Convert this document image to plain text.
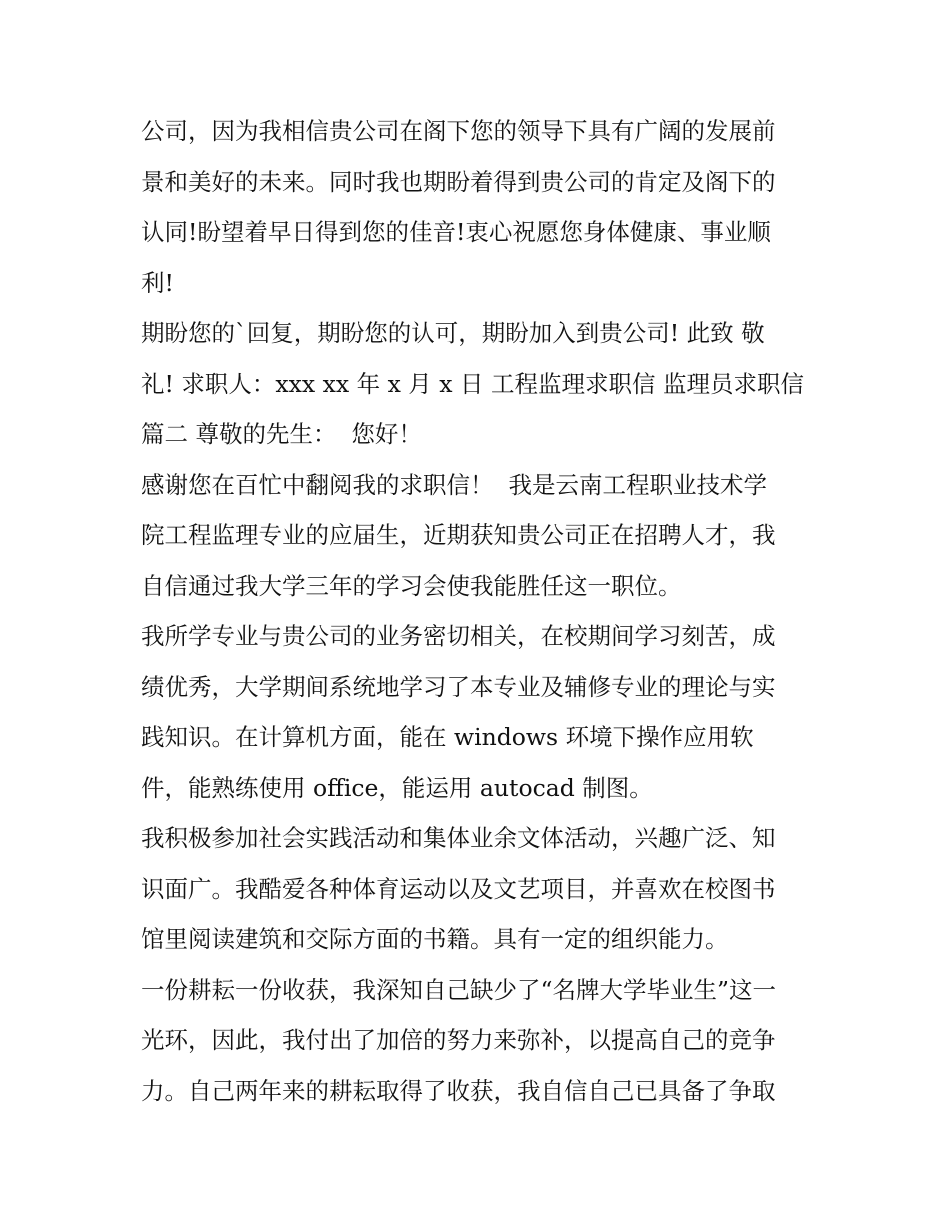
公司，因为我相信贵公司在阁下您的领导下具有广阔的发展前
景和美好的未来。同时我也期盼着得到贵公司的肯定及阁下的
认同!盼望着早日得到您的佳音!衷心祝愿您身体健康、事业顺
利!
期盼您的`回复，期盼您的认可，期盼加入到贵公司! 此致 敬
礼! 求职人：xxx xx 年 x 月 x 日 工程监理求职信 监理员求职信
篇二 尊敬的先生：  您好！
感谢您在百忙中翻阅我的求职信！  我是云南工程职业技术学
院工程监理专业的应届生，近期获知贵公司正在招聘人才，我
自信通过我大学三年的学习会使我能胜任这一职位。
我所学专业与贵公司的业务密切相关，在校期间学习刻苦，成
绩优秀，大学期间系统地学习了本专业及辅修专业的理论与实
践知识。在计算机方面，能在 windows 环境下操作应用软
件，能熟练使用 office，能运用 autocad 制图。
我积极参加社会实践活动和集体业余文体活动，兴趣广泛、知
识面广。我酷爱各种体育运动以及文艺项目，并喜欢在校图书
馆里阅读建筑和交际方面的书籍。具有一定的组织能力。
一份耕耘一份收获，我深知自己缺少了“名牌大学毕业生”这一
光环，因此，我付出了加倍的努力来弥补，以提高自己的竞争
力。自己两年来的耕耘取得了收获，我自信自己已具备了争取
